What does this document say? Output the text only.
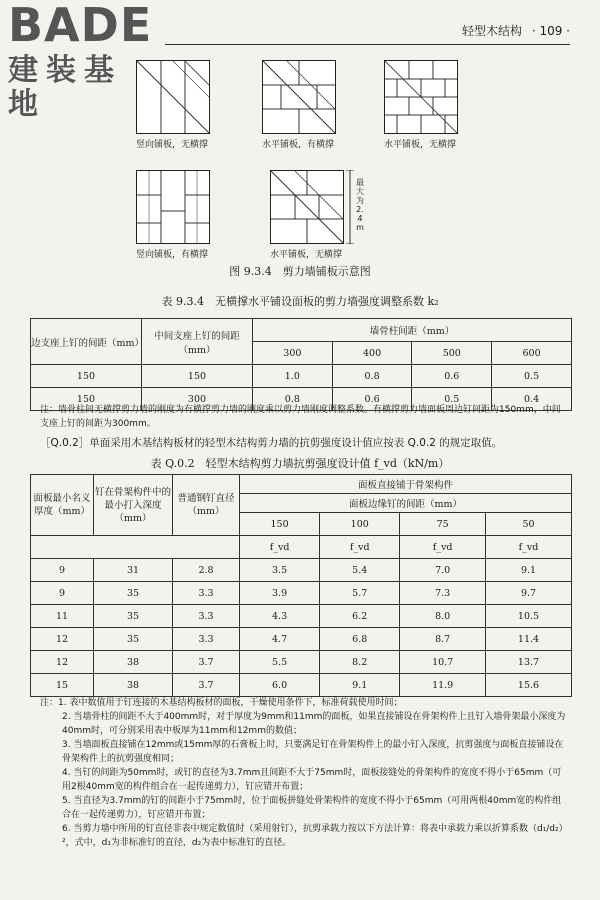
BADE
建装基地
轻型木结构 · 109 ·
竖向铺板，无横撑	水平铺板，有横撑	水平铺板，无横撑
竖向铺板，有横撑
最大为2.4m
水平铺板，无横撑
图 9.3.4　剪力墙铺板示意图
表 9.3.4　无横撑水平铺设面板的剪力墙强度调整系数 k₂
边支座上钉的间距（mm）	中间支座上钉的间距（mm）	墙骨柱间距（mm）			
		300	400	500	600
150	150	1.0	0.8	0.6	0.5
150	300	0.8	0.6	0.5	0.4
注：墙骨柱间无横撑剪力墙的刚度为有横撑剪力墙的刚度乘以剪力墙刚度调整系数。有横撑剪力墙面板周边钉间距为150mm，中间支座上钉的间距为300mm。
［Q.0.2］单面采用木基结构板材的轻型木结构剪力墙的抗剪强度设计值应按表 Q.0.2 的规定取值。
表 Q.0.2　轻型木结构剪力墙抗剪强度设计值 f_vd（kN/m）
面板最小名义厚度（mm）	钉在骨架构件中的最小打入深度（mm）	普通钢钉直径（mm）	面板直接铺于骨架构件			
			面板边缘钉的间距（mm）			
			150	100	75	50
			f_vd	f_vd	f_vd	f_vd
9	31	2.8	3.5	5.4	7.0	9.1
9	35	3.3	3.9	5.7	7.3	9.7
11	35	3.3	4.3	6.2	8.0	10.5
12	35	3.3	4.7	6.8	8.7	11.4
12	38	3.7	5.5	8.2	10.7	13.7
15	38	3.7	6.0	9.1	11.9	15.6
注：1. 表中数值用于钉连接的木基结构板材的面板，干燥使用条件下，标准荷载使用时间；
2. 当墙骨柱的间距不大于400mm时，对于厚度为9mm和11mm的面板，如果直接铺设在骨架构件上且钉入墙骨架最小深度为40mm时，可分别采用表中板厚为11mm和12mm的数值；
3. 当墙面板直接铺在12mm或15mm厚的石膏板上时，只要满足钉在骨架构件上的最小钉入深度，抗剪强度与面板直接铺设在骨架构件上的抗剪强度相同；
4. 当钉的间距为50mm时，或钉的直径为3.7mm且间距不大于75mm时，面板接缝处的骨架构件的宽度不得小于65mm（可用2根40mm宽的构件组合在一起传递剪力），钉应错开布置；
5. 当直径为3.7mm的钉的间距小于75mm时，位于面板拼缝处骨架构件的宽度不得小于65mm（可用两根40mm宽的构件组合在一起传递剪力），钉应错开布置；
6. 当剪力墙中所用的钉直径非表中规定数值时（采用射钉），抗剪承载力按以下方法计算：将表中承载力乘以折算系数（d₁/d₂）²，式中，d₁为非标准钉的直径，d₂为表中标准钉的直径。
